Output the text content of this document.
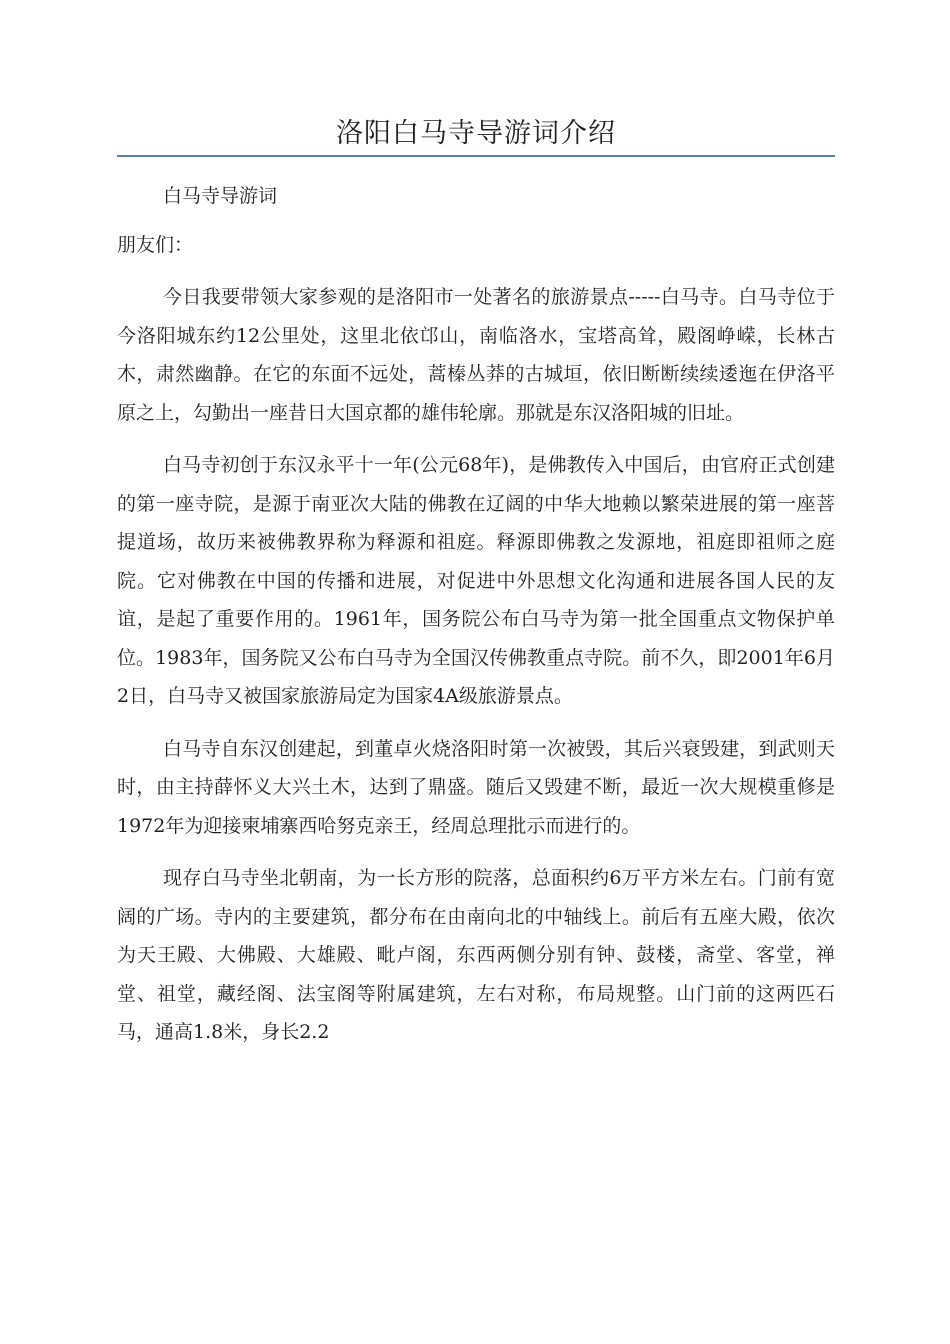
洛阳白马寺导游词介绍

白马寺导游词

朋友们：

今日我要带领大家参观的是洛阳市一处著名的旅游景点-----白马寺。白马寺位于今洛阳城东约12公里处，这里北依邙山，南临洛水，宝塔高耸，殿阁峥嵘，长林古木，肃然幽静。在它的东面不远处，蒿榛丛莽的古城垣，依旧断断续续逶迤在伊洛平原之上，勾勤出一座昔日大国京都的雄伟轮廓。那就是东汉洛阳城的旧址。

白马寺初创于东汉永平十一年(公元68年)，是佛教传入中国后，由官府正式创建的第一座寺院，是源于南亚次大陆的佛教在辽阔的中华大地赖以繁荣进展的第一座菩提道场，故历来被佛教界称为释源和祖庭。释源即佛教之发源地，祖庭即祖师之庭院。它对佛教在中国的传播和进展，对促进中外思想文化沟通和进展各国人民的友谊，是起了重要作用的。1961年，国务院公布白马寺为第一批全国重点文物保护单位。1983年，国务院又公布白马寺为全国汉传佛教重点寺院。前不久，即2001年6月2日，白马寺又被国家旅游局定为国家4A级旅游景点。

白马寺自东汉创建起，到董卓火烧洛阳时第一次被毁，其后兴衰毁建，到武则天时，由主持薛怀义大兴土木，达到了鼎盛。随后又毁建不断，最近一次大规模重修是1972年为迎接柬埔寨西哈努克亲王，经周总理批示而进行的。

现存白马寺坐北朝南，为一长方形的院落，总面积约6万平方米左右。门前有宽阔的广场。寺内的主要建筑，都分布在由南向北的中轴线上。前后有五座大殿，依次为天王殿、大佛殿、大雄殿、毗卢阁，东西两侧分别有钟、鼓楼，斋堂、客堂，禅堂、祖堂，藏经阁、法宝阁等附属建筑，左右对称，布局规整。山门前的这两匹石马，通高1.8米，身长2.2
